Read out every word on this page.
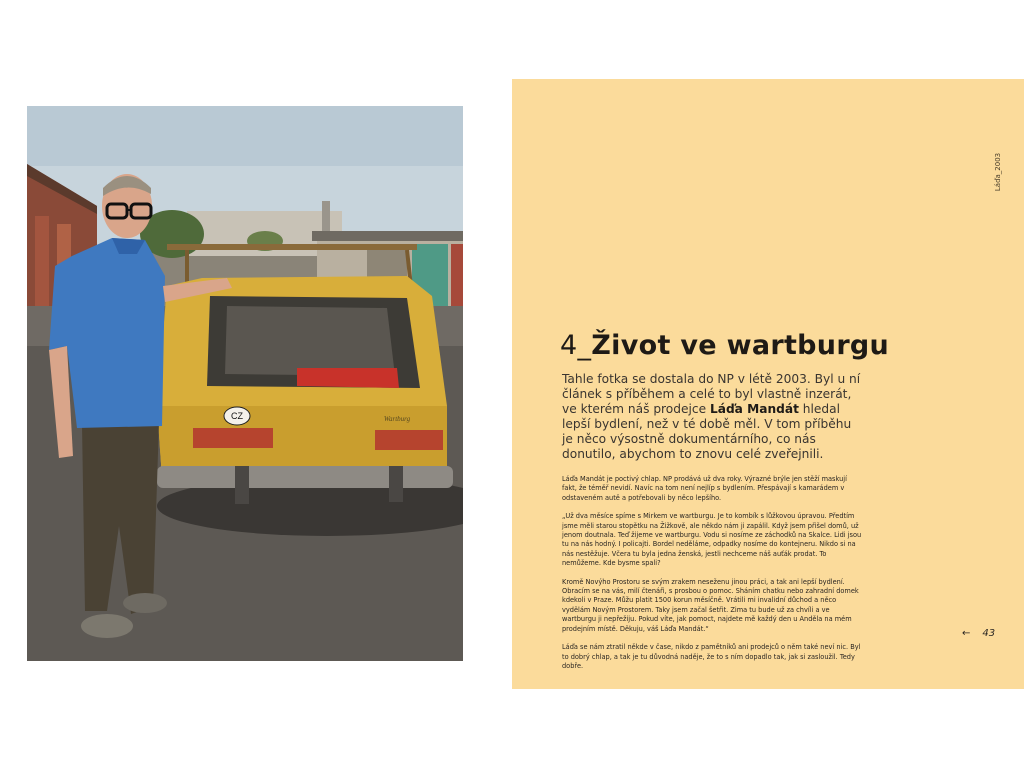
CZ	Wartburg
Láďa_2003
4_Život ve wartburgu
Tahle fotka se dostala do NP v létě 2003. Byl u ní článek s příběhem a celé to byl vlastně inzerát, ve kterém náš prodejce Láďa Mandát hledal lepší bydlení, než v té době měl. V tom příběhu je něco výsostně dokumentárního, co nás donutilo, abychom to znovu celé zveřejnili.

Láďa Mandát je poctivý chlap. NP prodává už dva roky. Výrazné brýle jen stěží maskují fakt, že téměř nevidí. Navíc na tom není nejlíp s bydlením. Přespávají s kamarádem v odstaveném autě a potřebovali by něco lepšího.

„Už dva měsíce spíme s Mirkem ve wartburgu. Je to kombík s lůžkovou úpravou. Předtím jsme měli starou stopětku na Žižkově, ale někdo nám ji zapálil. Když jsem přišel domů, už jenom doutnala. Teď žijeme ve wartburgu. Vodu si nosíme ze záchodků na Skalce. Lidi jsou tu na nás hodný. I policajti. Bordel neděláme, odpadky nosíme do kontejneru. Nikdo si na nás nestěžuje. Včera tu byla jedna ženská, jestli nechceme náš auťák prodat. To nemůžeme. Kde bysme spali?

Kromě Novýho Prostoru se svým zrakem neseženu jinou práci, a tak ani lepší bydlení. Obracím se na vás, milí čtenáři, s prosbou o pomoc. Sháním chatku nebo zahradní domek kdekoli v Praze. Můžu platit 1500 korun měsíčně. Vrátili mi invalidní důchod a něco vydělám Novým Prostorem. Taky jsem začal šetřit. Zima tu bude už za chvíli a ve wartburgu ji nepřežiju. Pokud víte, jak pomoct, najdete mě každý den u Anděla na mém prodejním místě. Děkuju, váš Láďa Mandát.“

Láďa se nám ztratil někde v čase, nikdo z pamětníků ani prodejců o něm také neví nic. Byl to dobrý chlap, a tak je tu důvodná naděje, že to s ním dopadlo tak, jak si zasloužil. Tedy dobře.

← 43
